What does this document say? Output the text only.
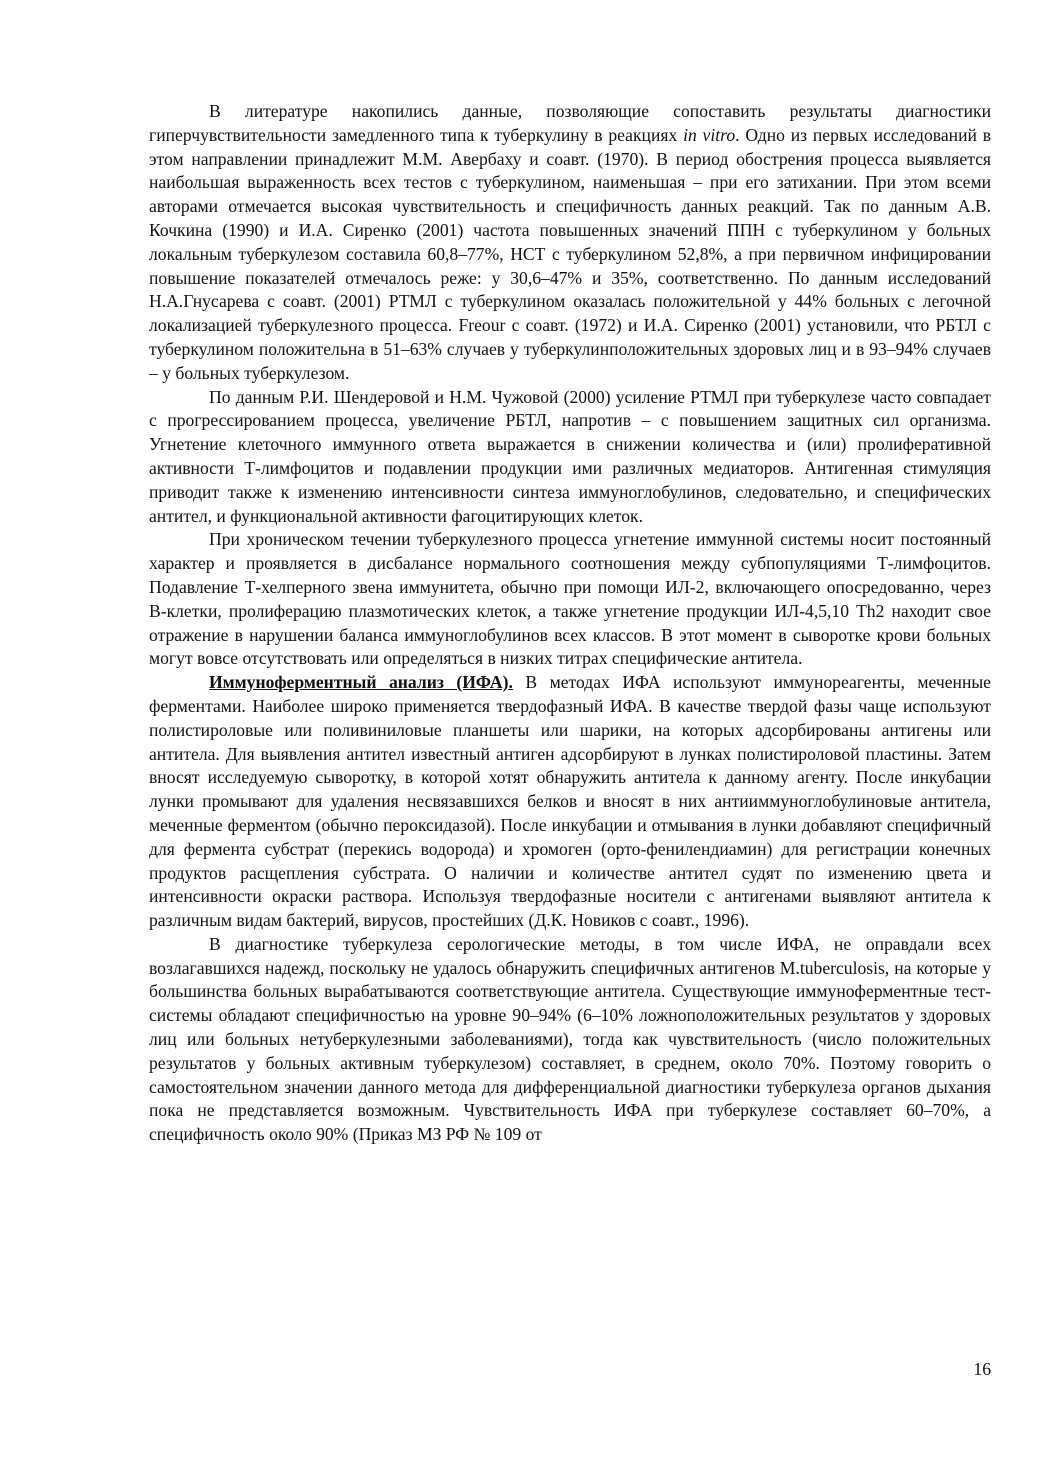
В литературе накопились данные, позволяющие сопоставить результаты диагностики гиперчувствительности замедленного типа к туберкулину в реакциях in vitro. Одно из первых исследований в этом направлении принадлежит М.М. Авербаху и соавт. (1970). В период обострения процесса выявляется наибольшая выраженность всех тестов с туберкулином, наименьшая – при его затихании. При этом всеми авторами отмечается высокая чувствительность и специфичность данных реакций. Так по данным А.В. Кочкина (1990) и И.А. Сиренко (2001) частота повышенных значений ППН с туберкулином у больных локальным туберкулезом составила 60,8–77%, НСТ с туберкулином 52,8%, а при первичном инфицировании повышение показателей отмечалось реже: у 30,6–47% и 35%, соответственно. По данным исследований Н.А.Гнусарева с соавт. (2001) РТМЛ с туберкулином оказалась положительной у 44% больных с легочной локализацией туберкулезного процесса. Freour с соавт. (1972) и И.А. Сиренко (2001) установили, что РБТЛ с туберкулином положительна в 51–63% случаев у туберкулинположительных здоровых лиц и в 93–94% случаев – у больных туберкулезом.

По данным Р.И. Шендеровой и Н.М. Чужовой (2000) усиление РТМЛ при туберкулезе часто совпадает с прогрессированием процесса, увеличение РБТЛ, напротив – с повышением защитных сил организма. Угнетение клеточного иммунного ответа выражается в снижении количества и (или) пролиферативной активности Т-лимфоцитов и подавлении продукции ими различных медиаторов. Антигенная стимуляция приводит также к изменению интенсивности синтеза иммуноглобулинов, следовательно, и специфических антител, и функциональной активности фагоцитирующих клеток.

При хроническом течении туберкулезного процесса угнетение иммунной системы носит постоянный характер и проявляется в дисбалансе нормального соотношения между субпопуляциями Т-лимфоцитов. Подавление Т-хелперного звена иммунитета, обычно при помощи ИЛ-2, включающего опосредованно, через В-клетки, пролиферацию плазмотических клеток, а также угнетение продукции ИЛ-4,5,10 Th2 находит свое отражение в нарушении баланса иммуноглобулинов всех классов. В этот момент в сыворотке крови больных могут вовсе отсутствовать или определяться в низких титрах специфические антитела.

Иммуноферментный анализ (ИФА). В методах ИФА используют иммунореагенты, меченные ферментами. Наиболее широко применяется твердофазный ИФА. В качестве твердой фазы чаще используют полистироловые или поливиниловые планшеты или шарики, на которых адсорбированы антигены или антитела. Для выявления антител известный антиген адсорбируют в лунках полистироловой пластины. Затем вносят исследуемую сыворотку, в которой хотят обнаружить антитела к данному агенту. После инкубации лунки промывают для удаления несвязавшихся белков и вносят в них антииммуноглобулиновые антитела, меченные ферментом (обычно пероксидазой). После инкубации и отмывания в лунки добавляют специфичный для фермента субстрат (перекись водорода) и хромоген (орто-фенилендиамин) для регистрации конечных продуктов расщепления субстрата. О наличии и количестве антител судят по изменению цвета и интенсивности окраски раствора. Используя твердофазные носители с антигенами выявляют антитела к различным видам бактерий, вирусов, простейших (Д.К. Новиков с соавт., 1996).

В диагностике туберкулеза серологические методы, в том числе ИФА, не оправдали всех возлагавшихся надежд, поскольку не удалось обнаружить специфичных антигенов M.tuberculosis, на которые у большинства больных вырабатываются соответствующие антитела. Существующие иммуноферментные тест-системы обладают специфичностью на уровне 90–94% (6–10% ложноположительных результатов у здоровых лиц или больных нетуберкулезными заболеваниями), тогда как чувствительность (число положительных результатов у больных активным туберкулезом) составляет, в среднем, около 70%. Поэтому говорить о самостоятельном значении данного метода для дифференциальной диагностики туберкулеза органов дыхания пока не представляется возможным. Чувствительность ИФА при туберкулезе составляет 60–70%, а специфичность около 90% (Приказ МЗ РФ № 109 от

16
